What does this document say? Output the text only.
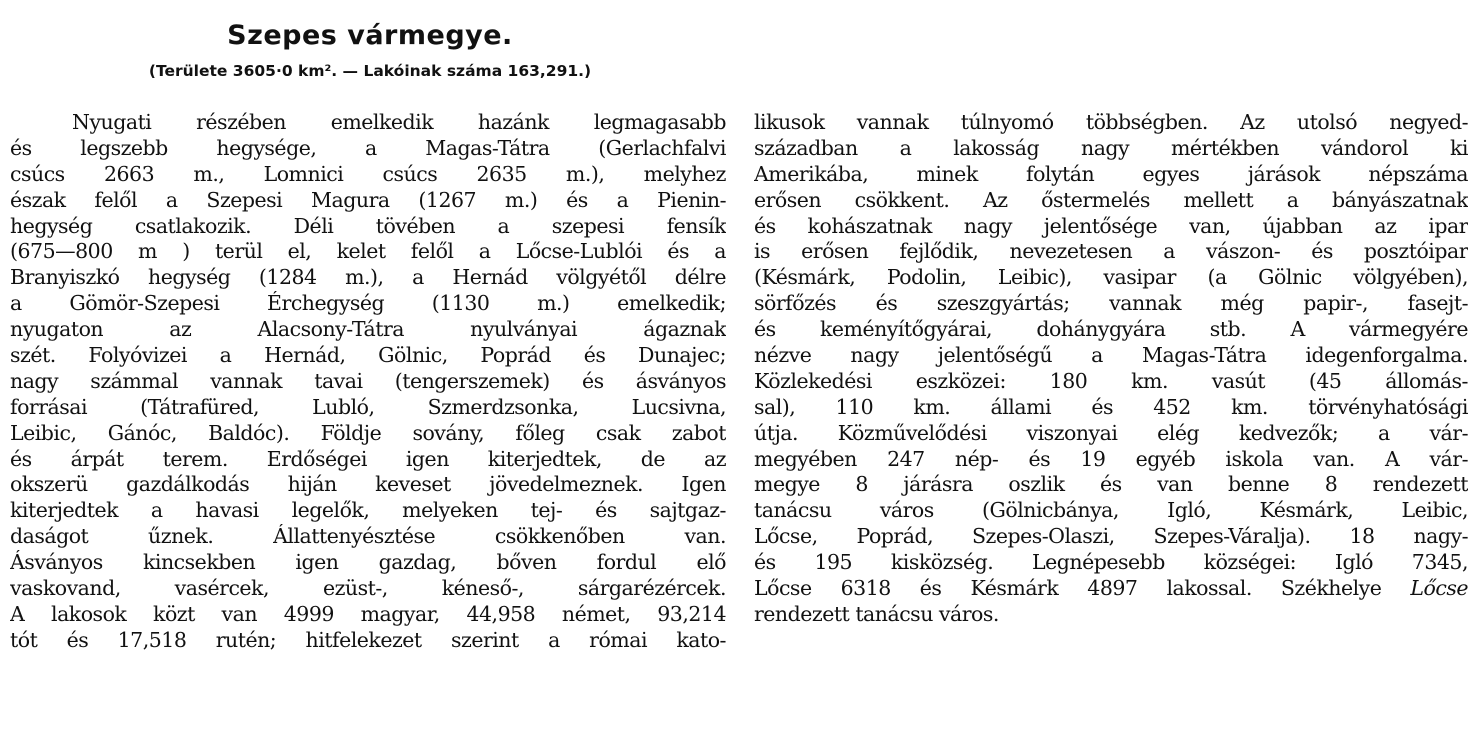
Szepes vármegye.

(Területe 3605·0 km². — Lakóinak száma 163,291.)

Nyugati részében emelkedik hazánk legmagasabb
és legszebb hegysége, a Magas-Tátra (Gerlachfalvi
csúcs 2663 m., Lomnici csúcs 2635 m.), melyhez
észak felől a Szepesi Magura (1267 m.) és a Pienin-
hegység csatlakozik. Déli tövében a szepesi fensík
(675—800 m ) terül el, kelet felől a Lőcse-Lublói és a
Branyiszkó hegység (1284 m.), a Hernád völgyétől délre
a Gömör-Szepesi Érchegység (1130 m.) emelkedik;
nyugaton az Alacsony-Tátra nyulványai ágaznak
szét. Folyóvizei a Hernád, Gölnic, Poprád és Dunajec;
nagy számmal vannak tavai (tengerszemek) és ásványos
forrásai (Tátrafüred, Lubló, Szmerdzsonka, Lucsivna,
Leibic, Gánóc, Baldóc). Földje sovány, főleg csak zabot
és árpát terem. Erdőségei igen kiterjedtek, de az
okszerü gazdálkodás hiján keveset jövedelmeznek. Igen
kiterjedtek a havasi legelők, melyeken tej- és sajtgaz-
daságot űznek. Állattenyésztése csökkenőben van.
Ásványos kincsekben igen gazdag, bőven fordul elő
vaskovand, vasércek, ezüst-, kéneső-, sárgarézércek.
A lakosok közt van 4999 magyar, 44,958 német, 93,214
tót és 17,518 rutén; hitfelekezet szerint a római kato-
likusok vannak túlnyomó többségben. Az utolsó negyed-
században a lakosság nagy mértékben vándorol ki
Amerikába, minek folytán egyes járások népszáma
erősen csökkent. Az őstermelés mellett a bányászatnak
és kohászatnak nagy jelentősége van, újabban az ipar
is erősen fejlődik, nevezetesen a vászon- és posztóipar
(Késmárk, Podolin, Leibic), vasipar (a Gölnic völgyében),
sörfőzés és szeszgyártás; vannak még papir-, fasejt-
és keményítőgyárai, dohánygyára stb. A vármegyére
nézve nagy jelentőségű a Magas-Tátra idegenforgalma.
Közlekedési eszközei: 180 km. vasút (45 állomás-
sal), 110 km. állami és 452 km. törvényhatósági
útja. Közművelődési viszonyai elég kedvezők; a vár-
megyében 247 nép- és 19 egyéb iskola van. A vár-
megye 8 járásra oszlik és van benne 8 rendezett
tanácsu város (Gölnicbánya, Igló, Késmárk, Leibic,
Lőcse, Poprád, Szepes-Olaszi, Szepes-Váralja). 18 nagy-
és 195 kisközség. Legnépesebb községei: Igló 7345,
Lőcse 6318 és Késmárk 4897 lakossal. Székhelye Lőcse
rendezett tanácsu város.
